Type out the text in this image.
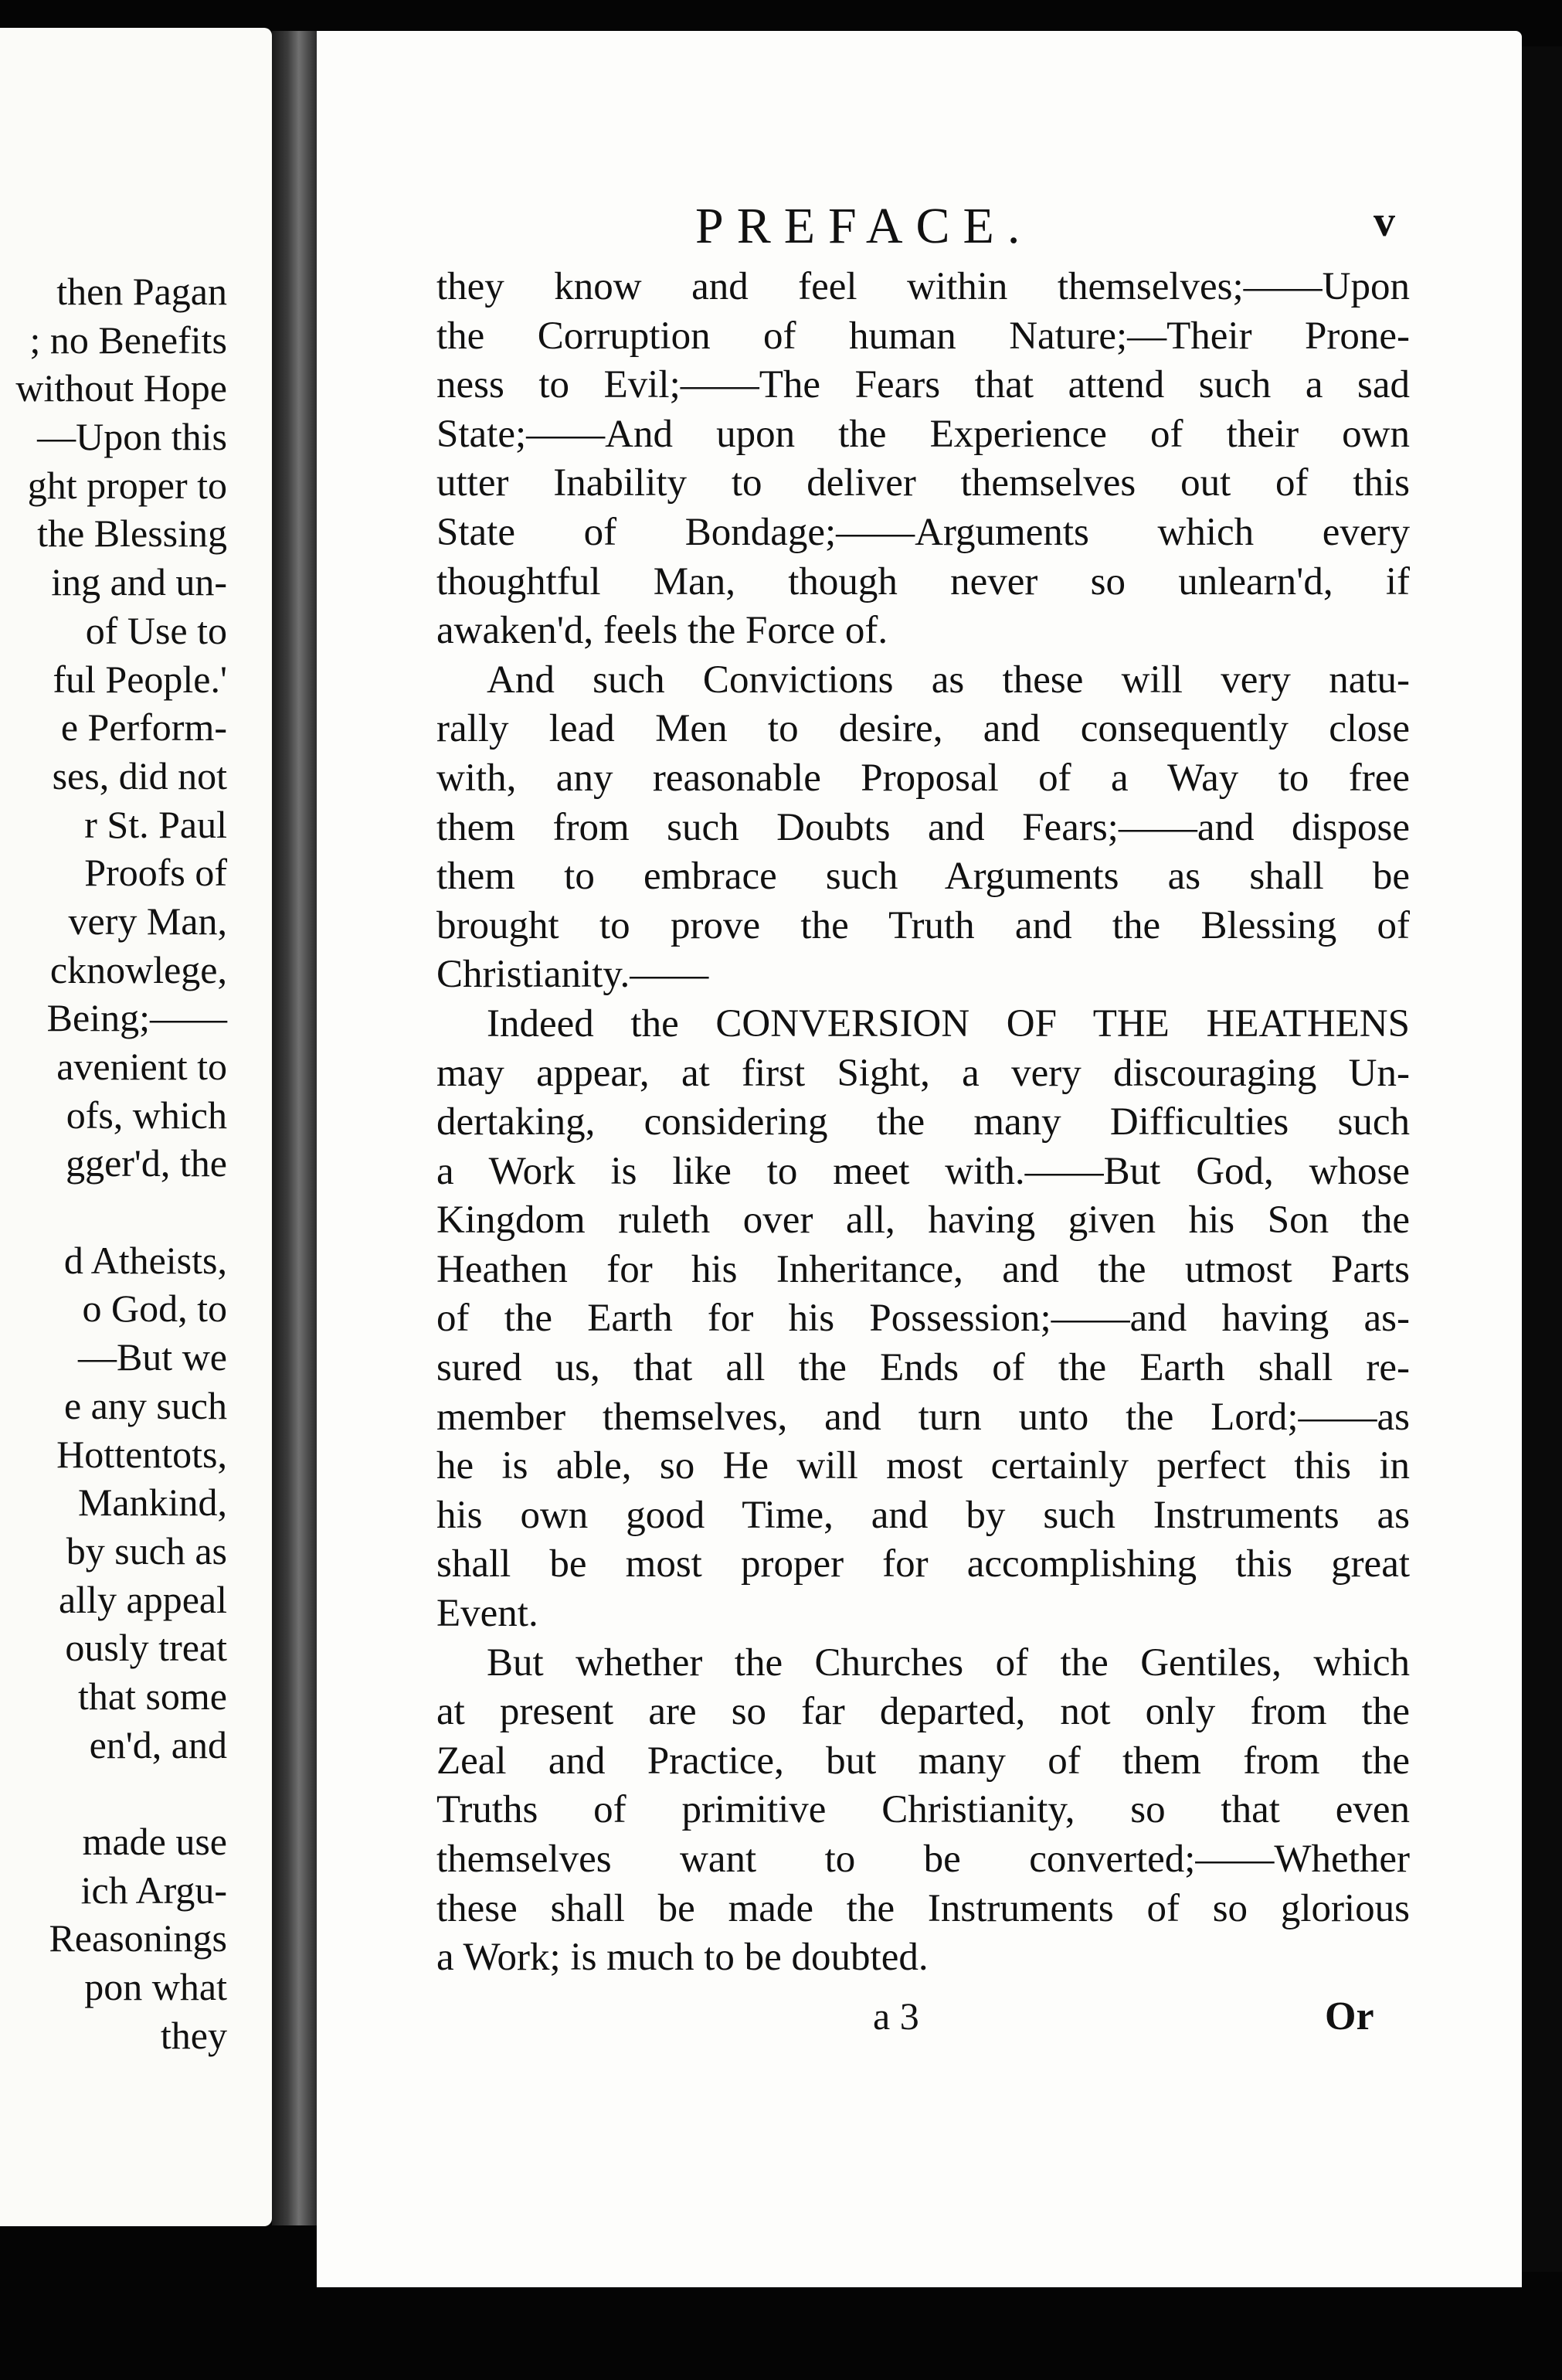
then Pagan
; no Benefits
without Hope
—Upon this
ght proper to
the Blessing
ing and un-
of Use to
ful People.'
e Perform-
ses, did not
r St. Paul
Proofs of
very Man,
cknowlege,
Being;——
avenient to
ofs, which
gger'd, the
d Atheists,
o God, to
—But we
e any such
Hottentots,
Mankind,
by such as
ally appeal
ously treat
that some
en'd, and
made use
ich Argu-
Reasonings
pon what
they
PREFACE.	v
they know and feel within themselves;——Upon
the Corruption of human Nature;—Their Prone-
ness to Evil;——The Fears that attend such a sad
State;——And upon the Experience of their own
utter Inability to deliver themselves out of this
State of Bondage;——Arguments which every
thoughtful Man, though never so unlearn'd, if
awaken'd, feels the Force of.
And such Convictions as these will very natu-
rally lead Men to desire, and consequently close
with, any reasonable Proposal of a Way to free
them from such Doubts and Fears;——and dispose
them to embrace such Arguments as shall be
brought to prove the Truth and the Blessing of
Christianity.——
Indeed the CONVERSION OF THE HEATHENS
may appear, at first Sight, a very discouraging Un-
dertaking, considering the many Difficulties such
a Work is like to meet with.——But God, whose
Kingdom ruleth over all, having given his Son the
Heathen for his Inheritance, and the utmost Parts
of the Earth for his Possession;——and having as-
sured us, that all the Ends of the Earth shall re-
member themselves, and turn unto the Lord;——as
he is able, so He will most certainly perfect this in
his own good Time, and by such Instruments as
shall be most proper for accomplishing this great
Event.
But whether the Churches of the Gentiles, which
at present are so far departed, not only from the
Zeal and Practice, but many of them from the
Truths of primitive Christianity, so that even
themselves want to be converted;——Whether
these shall be made the Instruments of so glorious
a Work; is much to be doubted.
a 3	Or
